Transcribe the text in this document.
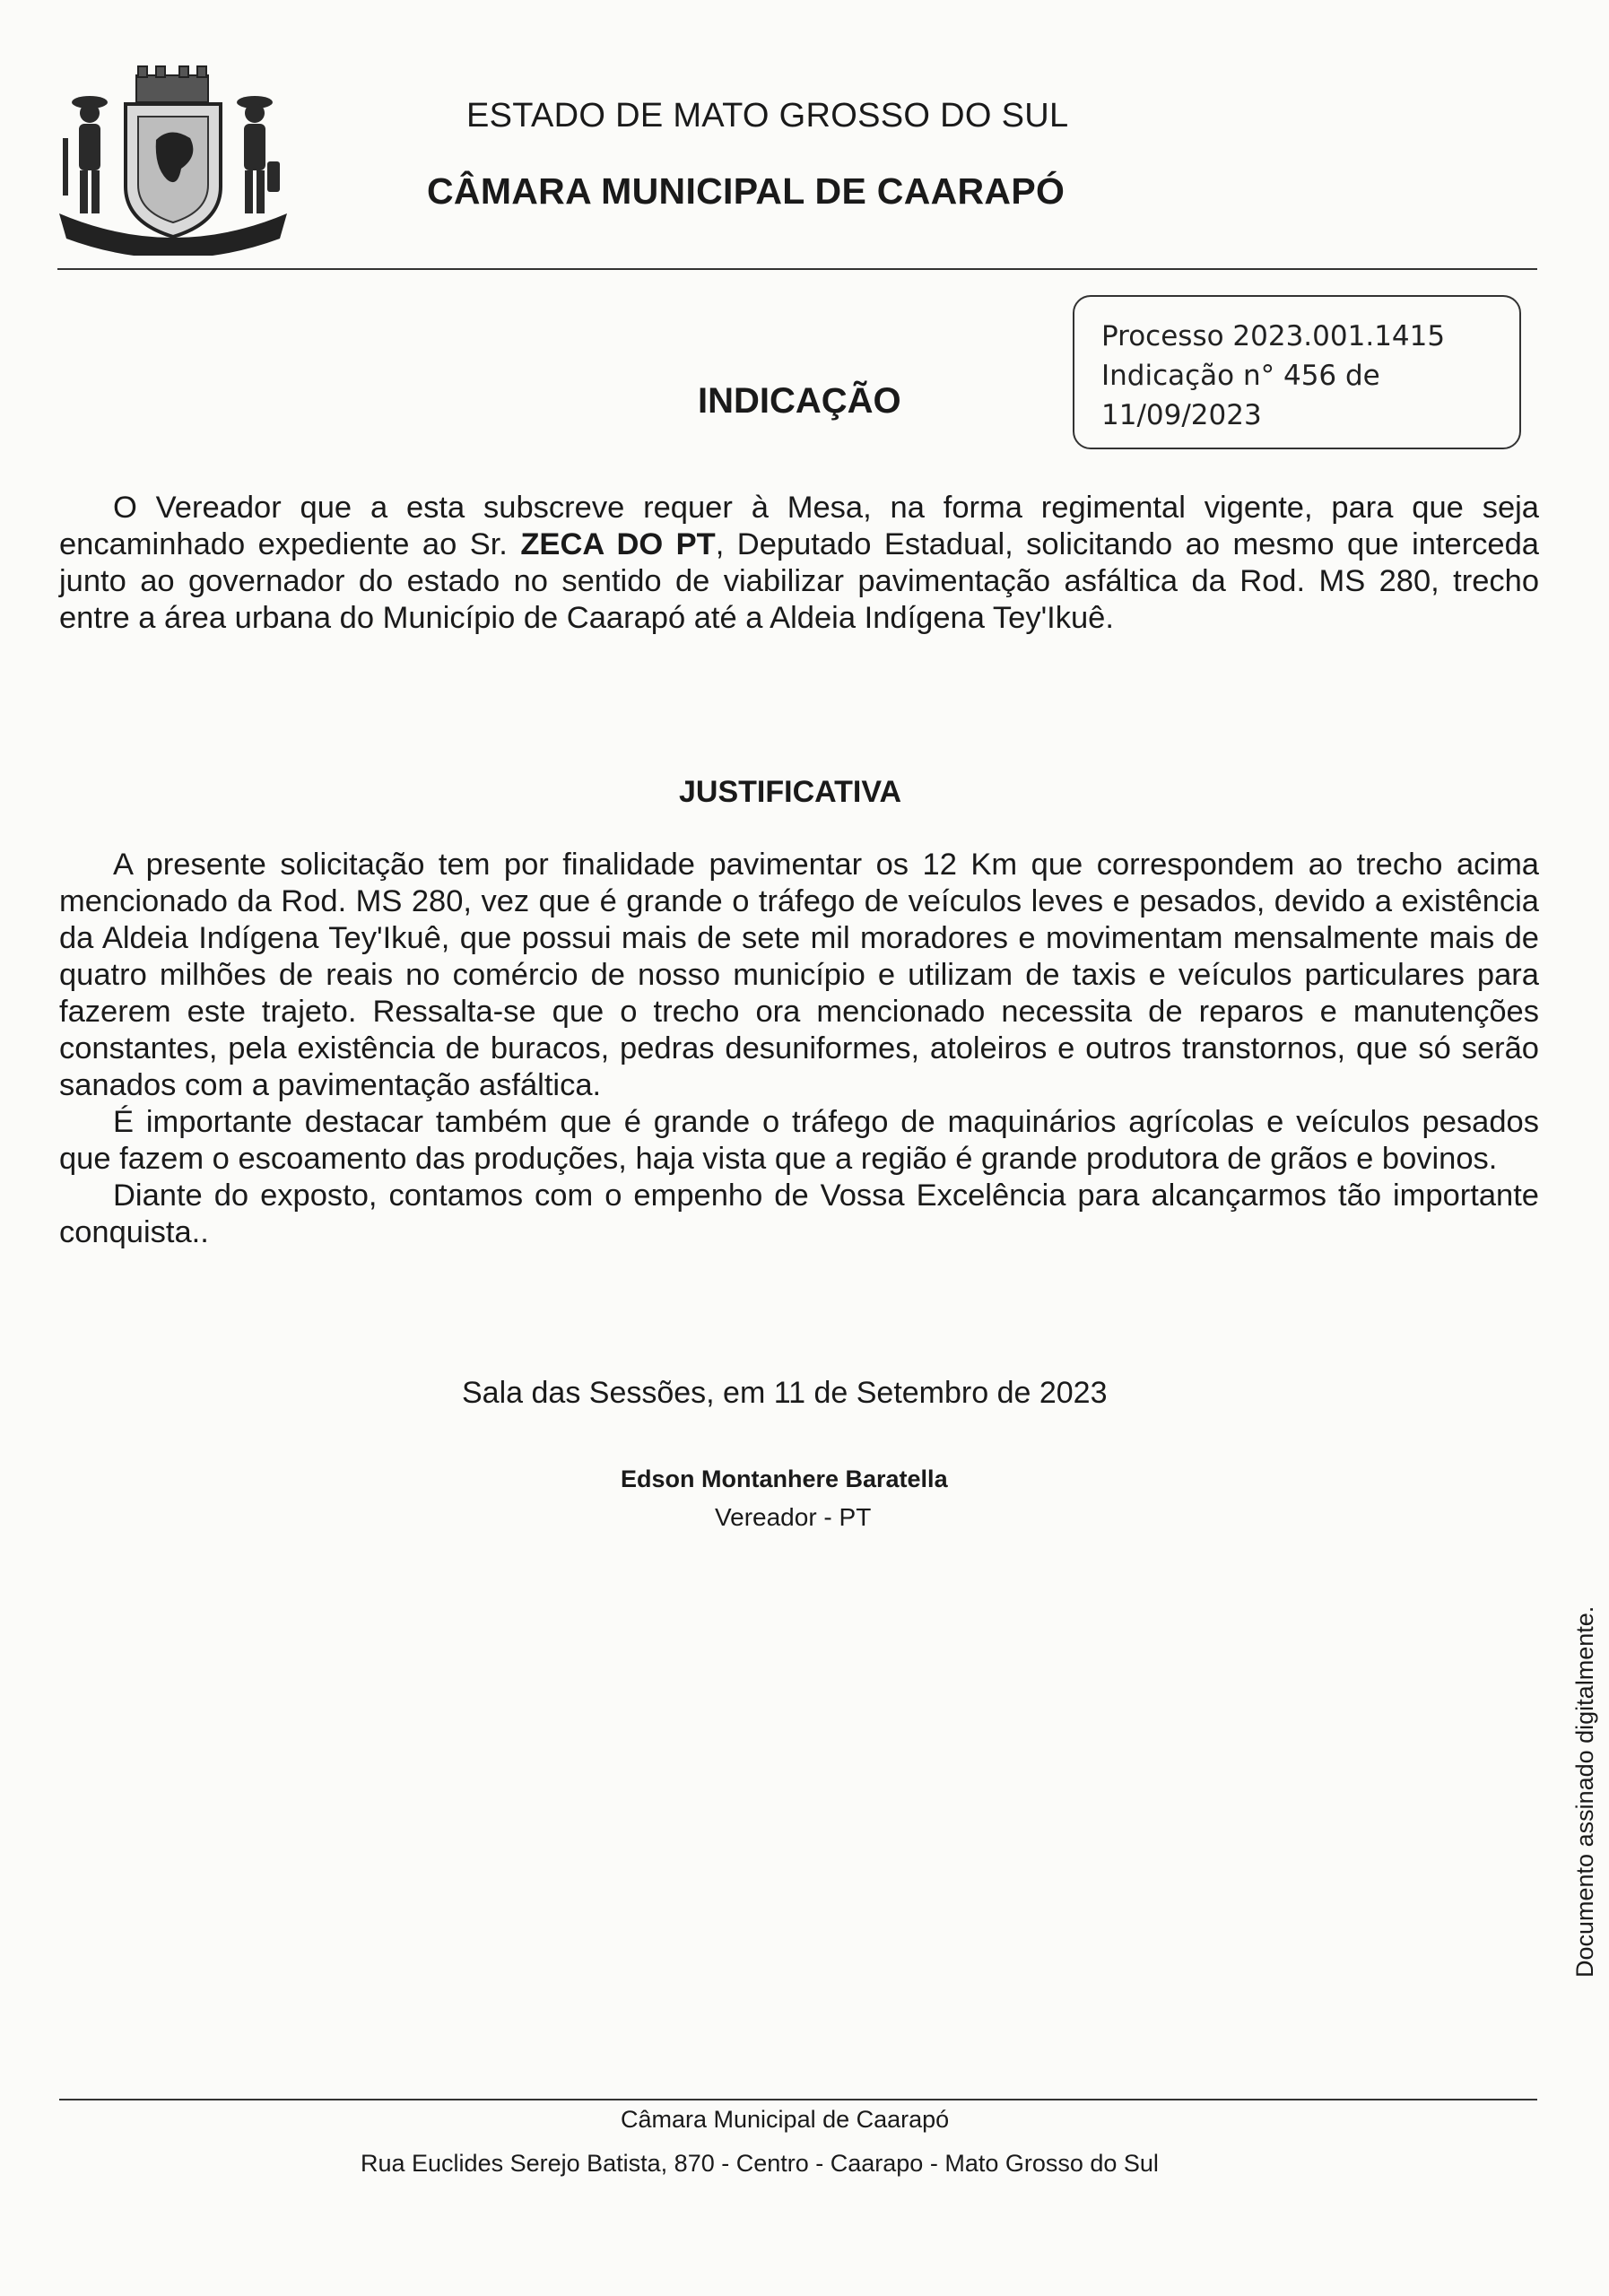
ESTADO DE MATO GROSSO DO SUL
CÂMARA MUNICIPAL DE CAARAPÓ
Processo 2023.001.1415
Indicação n° 456 de
11/09/2023
INDICAÇÃO

O Vereador que a esta subscreve requer à Mesa, na forma regimental vigente, para que seja encaminhado expediente ao Sr. ZECA DO PT, Deputado Estadual, solicitando ao mesmo que interceda junto ao governador do estado no sentido de viabilizar pavimentação asfáltica da Rod. MS 280, trecho entre a área urbana do Município de Caarapó até a Aldeia Indígena Tey'Ikuê.

JUSTIFICATIVA

A presente solicitação tem por finalidade pavimentar os 12 Km que correspondem ao trecho acima mencionado da Rod. MS 280, vez que é grande o tráfego de veículos leves e pesados, devido a existência da Aldeia Indígena Tey'Ikuê, que possui mais de sete mil moradores e movimentam mensalmente mais de quatro milhões de reais no comércio de nosso município e utilizam de taxis e veículos particulares para fazerem este trajeto. Ressalta-se que o trecho ora mencionado necessita de reparos e manutenções constantes, pela existência de buracos, pedras desuniformes, atoleiros e outros transtornos, que só serão sanados com a pavimentação asfáltica.

É importante destacar também que é grande o tráfego de maquinários agrícolas e veículos pesados que fazem o escoamento das produções, haja vista que a região é grande produtora de grãos e bovinos.

Diante do exposto, contamos com o empenho de Vossa Excelência para alcançarmos tão importante conquista..

Sala das Sessões, em 11 de Setembro de 2023
Edson Montanhere Baratella
Vereador - PT
Documento assinado digitalmente.
Câmara Municipal de Caarapó
Rua Euclides Serejo Batista, 870 - Centro - Caarapo - Mato Grosso do Sul
